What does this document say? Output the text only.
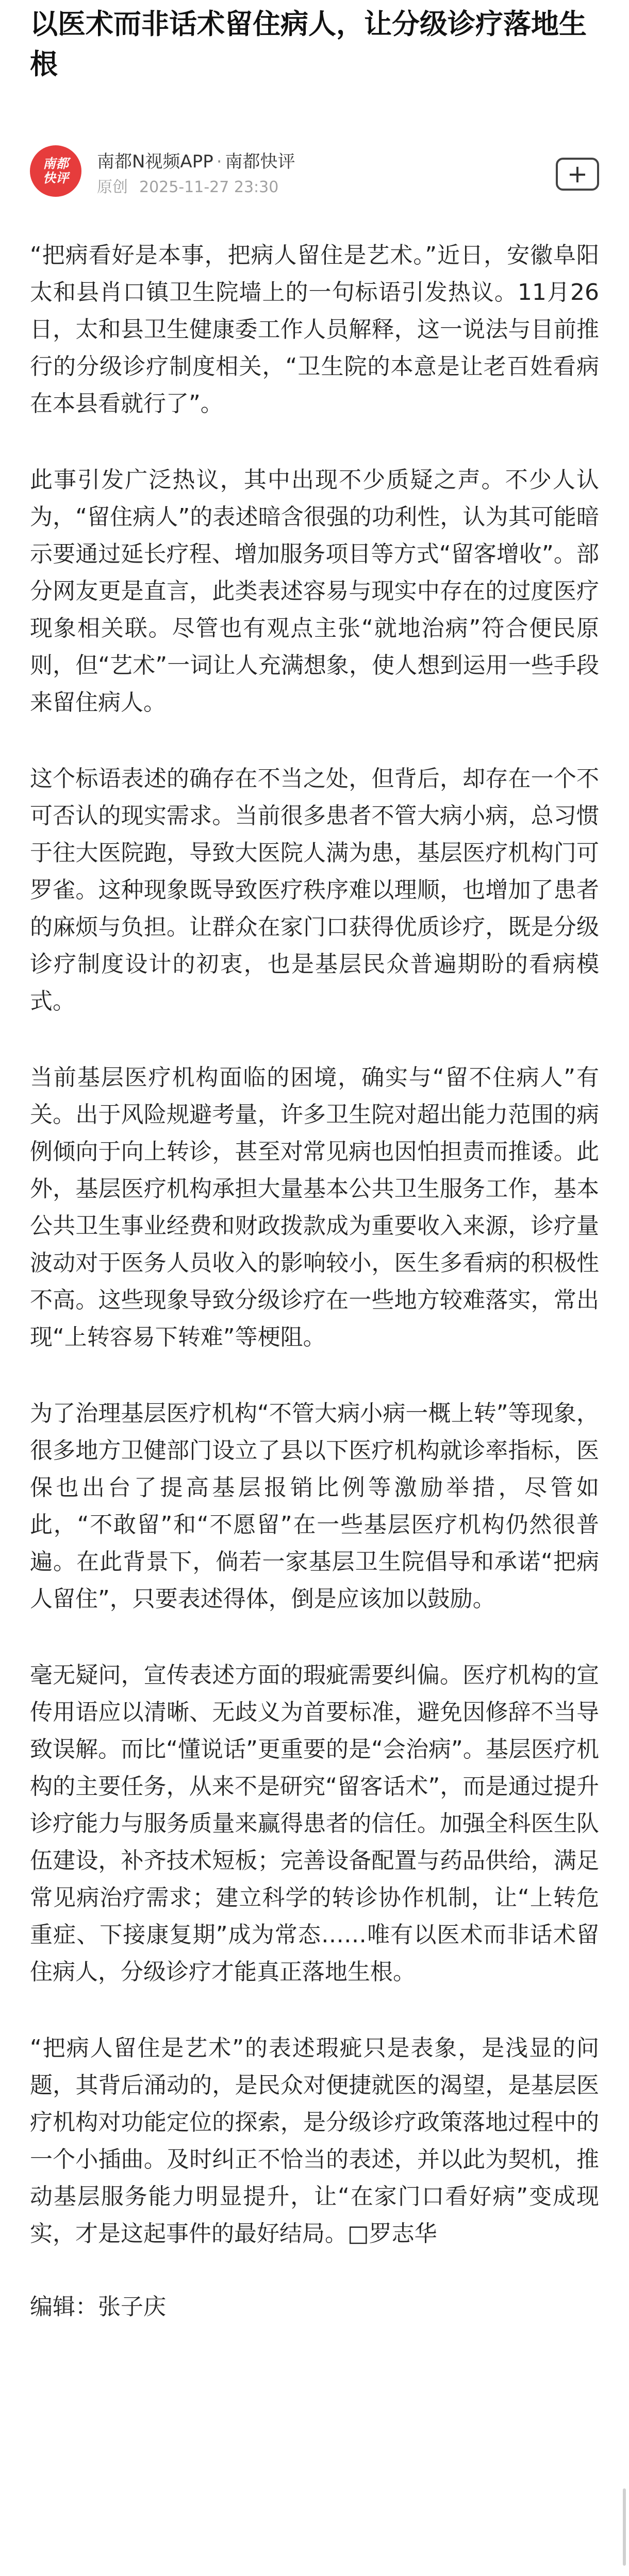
以医术而非话术留住病人，让分级诊疗落地生根
南都
快评
南都N视频APP · 南都快评
原创 2025-11-27 23:30	+

“把病看好是本事，把病人留住是艺术。”近日，安徽阜阳太和县肖口镇卫生院墙上的一句标语引发热议。11月26日，太和县卫生健康委工作人员解释，这一说法与目前推行的分级诊疗制度相关，“卫生院的本意是让老百姓看病在本县看就行了”。

此事引发广泛热议，其中出现不少质疑之声。不少人认为，“留住病人”的表述暗含很强的功利性，认为其可能暗示要通过延长疗程、增加服务项目等方式“留客增收”。部分网友更是直言，此类表述容易与现实中存在的过度医疗现象相关联。尽管也有观点主张“就地治病”符合便民原则，但“艺术”一词让人充满想象，使人想到运用一些手段来留住病人。

这个标语表述的确存在不当之处，但背后，却存在一个不可否认的现实需求。当前很多患者不管大病小病，总习惯于往大医院跑，导致大医院人满为患，基层医疗机构门可罗雀。这种现象既导致医疗秩序难以理顺，也增加了患者的麻烦与负担。让群众在家门口获得优质诊疗，既是分级诊疗制度设计的初衷，也是基层民众普遍期盼的看病模式。

当前基层医疗机构面临的困境，确实与“留不住病人”有关。出于风险规避考量，许多卫生院对超出能力范围的病例倾向于向上转诊，甚至对常见病也因怕担责而推诿。此外，基层医疗机构承担大量基本公共卫生服务工作，基本公共卫生事业经费和财政拨款成为重要收入来源，诊疗量波动对于医务人员收入的影响较小，医生多看病的积极性不高。这些现象导致分级诊疗在一些地方较难落实，常出现“上转容易下转难”等梗阻。

为了治理基层医疗机构“不管大病小病一概上转”等现象，很多地方卫健部门设立了县以下医疗机构就诊率指标，医保也出台了提高基层报销比例等激励举措，尽管如此，“不敢留”和“不愿留”在一些基层医疗机构仍然很普遍。在此背景下，倘若一家基层卫生院倡导和承诺“把病人留住”，只要表述得体，倒是应该加以鼓励。

毫无疑问，宣传表述方面的瑕疵需要纠偏。医疗机构的宣传用语应以清晰、无歧义为首要标准，避免因修辞不当导致误解。而比“懂说话”更重要的是“会治病”。基层医疗机构的主要任务，从来不是研究“留客话术”，而是通过提升诊疗能力与服务质量来赢得患者的信任。加强全科医生队伍建设，补齐技术短板；完善设备配置与药品供给，满足常见病治疗需求；建立科学的转诊协作机制，让“上转危重症、下接康复期”成为常态……唯有以医术而非话术留住病人，分级诊疗才能真正落地生根。

“把病人留住是艺术”的表述瑕疵只是表象，是浅显的问题，其背后涌动的，是民众对便捷就医的渴望，是基层医疗机构对功能定位的探索，是分级诊疗政策落地过程中的一个小插曲。及时纠正不恰当的表述，并以此为契机，推动基层服务能力明显提升，让“在家门口看好病”变成现实，才是这起事件的最好结局。□罗志华

编辑：张子庆
